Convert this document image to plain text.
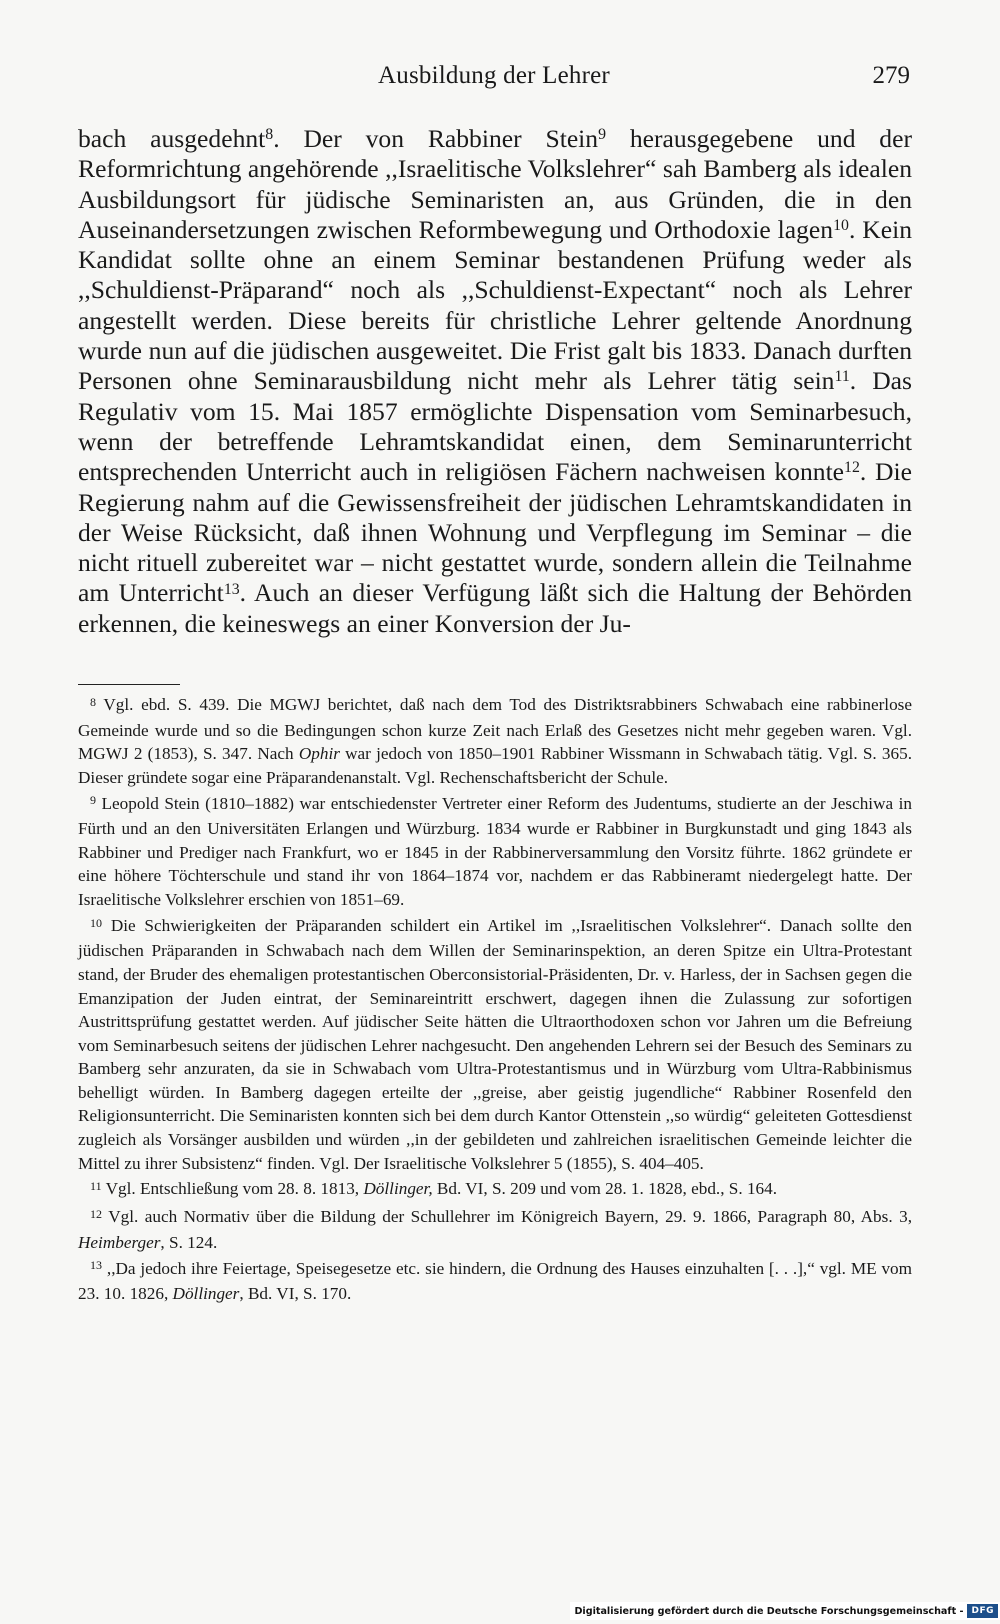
Ausbildung der Lehrer	279
bach ausgedehnt$^8$. Der von Rabbiner Stein$^9$ herausgegebene und der Reformrichtung angehörende ,,Israelitische Volkslehrer“ sah Bamberg als idealen Ausbildungsort für jüdische Seminaristen an, aus Gründen, die in den Auseinandersetzungen zwischen Reformbewegung und Orthodoxie lagen$^{10}$. Kein Kandidat sollte ohne an einem Seminar bestandenen Prüfung weder als ,,Schuldienst-Präparand“ noch als ,,Schuldienst-Expectant“ noch als Lehrer angestellt werden. Diese bereits für christliche Lehrer geltende Anordnung wurde nun auf die jüdischen ausgeweitet. Die Frist galt bis 1833. Danach durften Personen ohne Seminarausbildung nicht mehr als Lehrer tätig sein$^{11}$. Das Regulativ vom 15. Mai 1857 ermöglichte Dispensation vom Seminarbesuch, wenn der betreffende Lehramtskandidat einen, dem Seminarunterricht entsprechenden Unterricht auch in religiösen Fächern nachweisen konnte$^{12}$. Die Regierung nahm auf die Gewissensfreiheit der jüdischen Lehramtskandidaten in der Weise Rücksicht, daß ihnen Wohnung und Verpflegung im Seminar – die nicht rituell zubereitet war – nicht gestattet wurde, sondern allein die Teilnahme am Unterricht$^{13}$. Auch an dieser Verfügung läßt sich die Haltung der Behörden erkennen, die keineswegs an einer Konversion der Ju-

$^8$ Vgl. ebd. S. 439. Die MGWJ berichtet, daß nach dem Tod des Distriktsrabbiners Schwabach eine rabbinerlose Gemeinde wurde und so die Bedingungen schon kurze Zeit nach Erlaß des Gesetzes nicht mehr gegeben waren. Vgl. MGWJ 2 (1853), S. 347. Nach Ophir war jedoch von 1850–1901 Rabbiner Wissmann in Schwabach tätig. Vgl. S. 365. Dieser gründete sogar eine Präparandenanstalt. Vgl. Rechenschaftsbericht der Schule.

$^9$ Leopold Stein (1810–1882) war entschiedenster Vertreter einer Reform des Judentums, studierte an der Jeschiwa in Fürth und an den Universitäten Erlangen und Würzburg. 1834 wurde er Rabbiner in Burgkunstadt und ging 1843 als Rabbiner und Prediger nach Frankfurt, wo er 1845 in der Rabbinerversammlung den Vorsitz führte. 1862 gründete er eine höhere Töchterschule und stand ihr von 1864–1874 vor, nachdem er das Rabbineramt niedergelegt hatte. Der Israelitische Volkslehrer erschien von 1851–69.

$^{10}$ Die Schwierigkeiten der Präparanden schildert ein Artikel im ,,Israelitischen Volkslehrer“. Danach sollte den jüdischen Präparanden in Schwabach nach dem Willen der Seminarinspektion, an deren Spitze ein Ultra-Protestant stand, der Bruder des ehemaligen protestantischen Oberconsistorial-Präsidenten, Dr. v. Harless, der in Sachsen gegen die Emanzipation der Juden eintrat, der Seminareintritt erschwert, dagegen ihnen die Zulassung zur sofortigen Austrittsprüfung gestattet werden. Auf jüdischer Seite hätten die Ultraorthodoxen schon vor Jahren um die Befreiung vom Seminarbesuch seitens der jüdischen Lehrer nachgesucht. Den angehenden Lehrern sei der Besuch des Seminars zu Bamberg sehr anzuraten, da sie in Schwabach vom Ultra-Protestantismus und in Würzburg vom Ultra-Rabbinismus behelligt würden. In Bamberg dagegen erteilte der ,,greise, aber geistig jugendliche“ Rabbiner Rosenfeld den Religionsunterricht. Die Seminaristen konnten sich bei dem durch Kantor Ottenstein ,,so würdig“ geleiteten Gottesdienst zugleich als Vorsänger ausbilden und würden ,,in der gebildeten und zahlreichen israelitischen Gemeinde leichter die Mittel zu ihrer Subsistenz“ finden. Vgl. Der Israelitische Volkslehrer 5 (1855), S. 404–405.

$^{11}$ Vgl. Entschließung vom 28. 8. 1813, Döllinger, Bd. VI, S. 209 und vom 28. 1. 1828, ebd., S. 164.

$^{12}$ Vgl. auch Normativ über die Bildung der Schullehrer im Königreich Bayern, 29. 9. 1866, Paragraph 80, Abs. 3, Heimberger, S. 124.

$^{13}$ ,,Da jedoch ihre Feiertage, Speisegesetze etc. sie hindern, die Ordnung des Hauses einzuhalten [. . .],“ vgl. ME vom 23. 10. 1826, Döllinger, Bd. VI, S. 170.

Digitalisierung gefördert durch die Deutsche Forschungsgemeinschaft - DFG
